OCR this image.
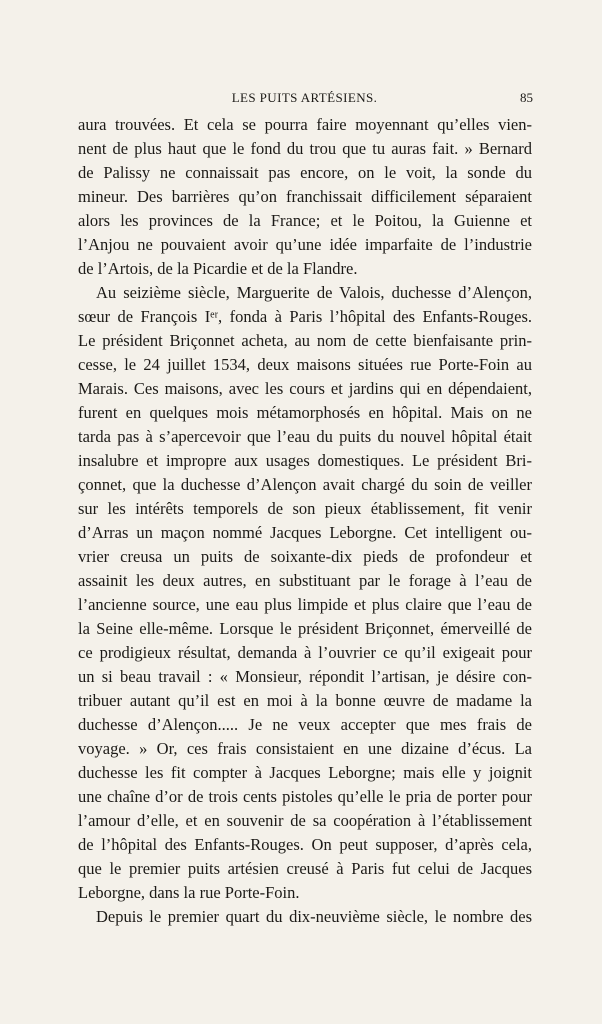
LES PUITS ARTÉSIENS.	85
aura trouvées. Et cela se pourra faire moyennant qu’elles vien-
nent de plus haut que le fond du trou que tu auras fait. » Bernard
de Palissy ne connaissait pas encore, on le voit, la sonde du
mineur. Des barrières qu’on franchissait difficilement séparaient
alors les provinces de la France; et le Poitou, la Guienne et
l’Anjou ne pouvaient avoir qu’une idée imparfaite de l’industrie
de l’Artois, de la Picardie et de la Flandre.
Au seizième siècle, Marguerite de Valois, duchesse d’Alençon,
sœur de François Iᵉʳ, fonda à Paris l’hôpital des Enfants-Rouges.
Le président Briçonnet acheta, au nom de cette bienfaisante prin-
cesse, le 24 juillet 1534, deux maisons situées rue Porte-Foin au
Marais. Ces maisons, avec les cours et jardins qui en dépendaient,
furent en quelques mois métamorphosés en hôpital. Mais on ne
tarda pas à s’apercevoir que l’eau du puits du nouvel hôpital était
insalubre et impropre aux usages domestiques. Le président Bri-
çonnet, que la duchesse d’Alençon avait chargé du soin de veiller
sur les intérêts temporels de son pieux établissement, fit venir
d’Arras un maçon nommé Jacques Leborgne. Cet intelligent ou-
vrier creusa un puits de soixante-dix pieds de profondeur et
assainit les deux autres, en substituant par le forage à l’eau de
l’ancienne source, une eau plus limpide et plus claire que l’eau de
la Seine elle-même. Lorsque le président Briçonnet, émerveillé de
ce prodigieux résultat, demanda à l’ouvrier ce qu’il exigeait pour
un si beau travail : « Monsieur, répondit l’artisan, je désire con-
tribuer autant qu’il est en moi à la bonne œuvre de madame la
duchesse d’Alençon..... Je ne veux accepter que mes frais de
voyage. » Or, ces frais consistaient en une dizaine d’écus. La
duchesse les fit compter à Jacques Leborgne; mais elle y joignit
une chaîne d’or de trois cents pistoles qu’elle le pria de porter pour
l’amour d’elle, et en souvenir de sa coopération à l’établissement
de l’hôpital des Enfants-Rouges. On peut supposer, d’après cela,
que le premier puits artésien creusé à Paris fut celui de Jacques
Leborgne, dans la rue Porte-Foin.
Depuis le premier quart du dix-neuvième siècle, le nombre des
